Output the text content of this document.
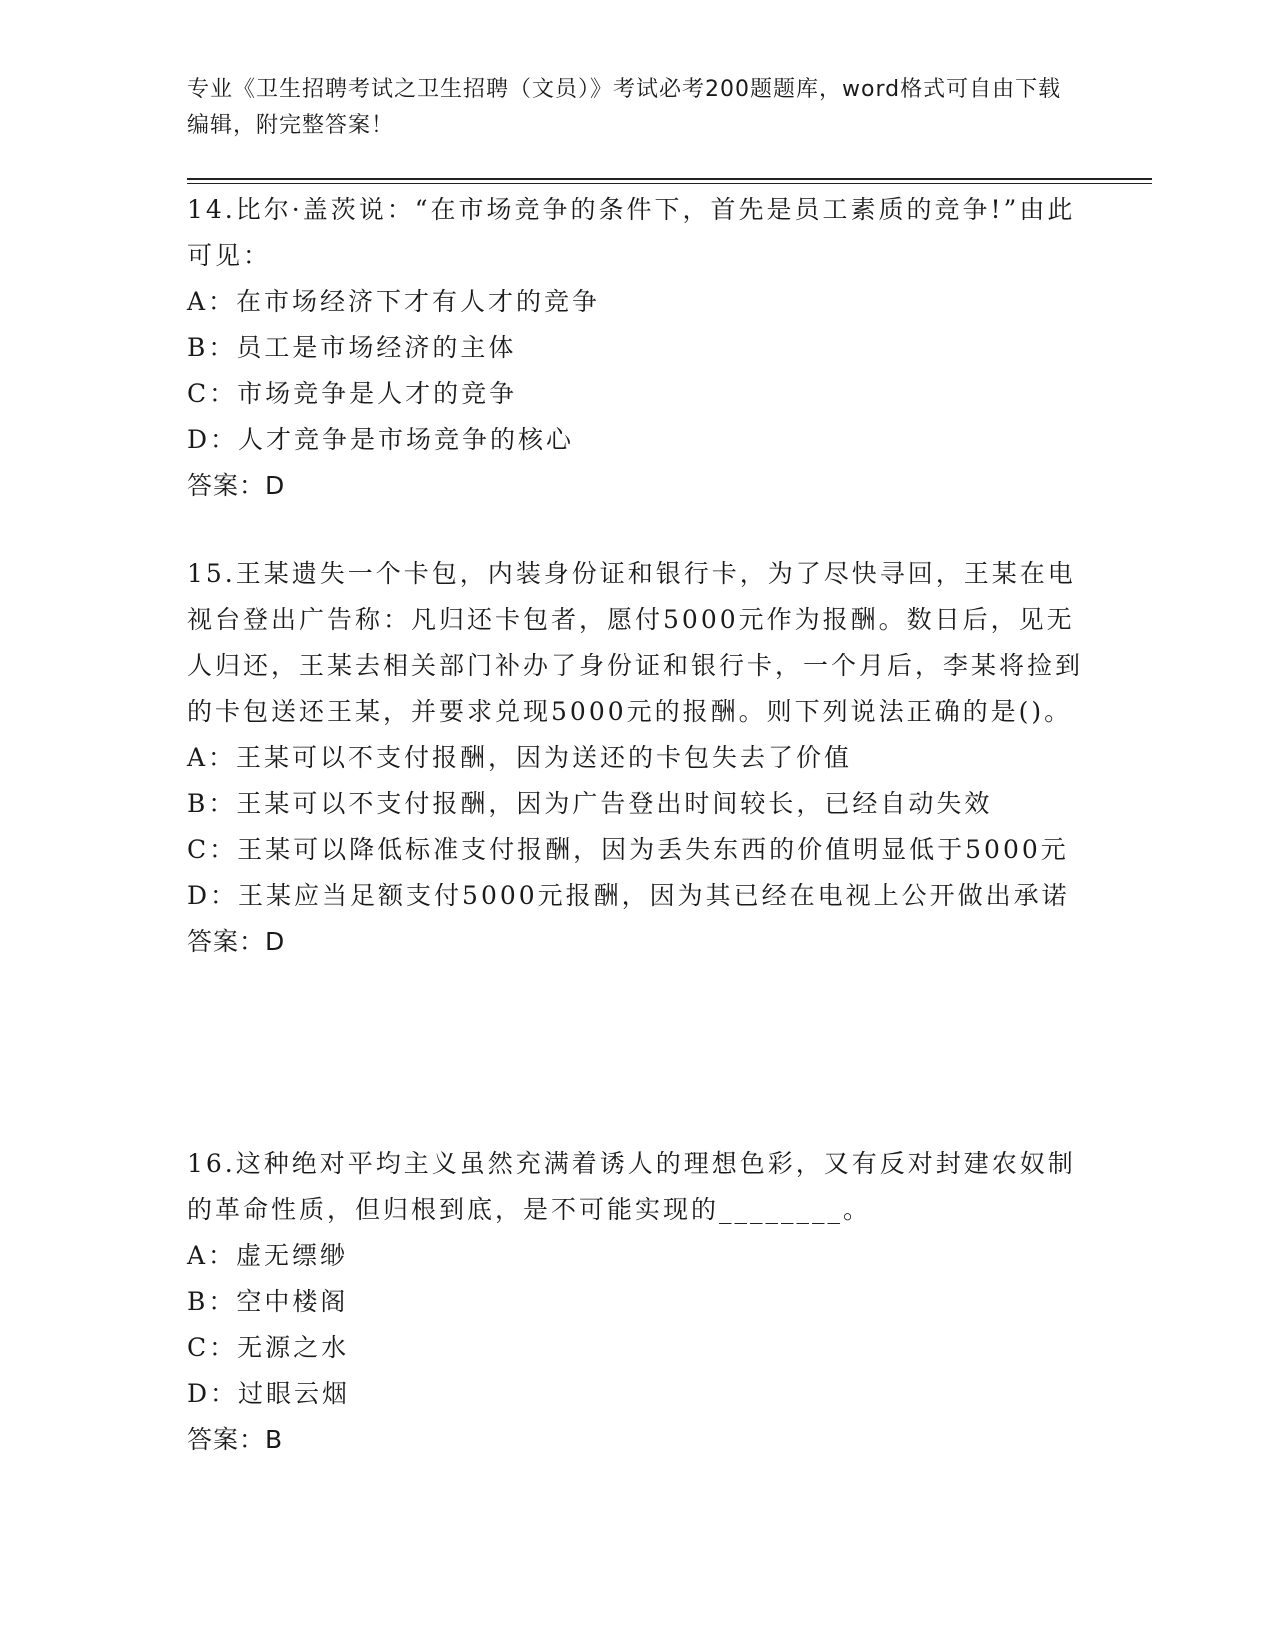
专业《卫生招聘考试之卫生招聘（文员）》考试必考200题题库，word格式可自由下载编辑，附完整答案！

14.比尔·盖茨说：“在市场竞争的条件下，首先是员工素质的竞争!”由此可见：

A：在市场经济下才有人才的竞争

B：员工是市场经济的主体

C：市场竞争是人才的竞争

D：人才竞争是市场竞争的核心

答案：D

15.王某遗失一个卡包，内装身份证和银行卡，为了尽快寻回，王某在电视台登出广告称：凡归还卡包者，愿付5000元作为报酬。数日后，见无人归还，王某去相关部门补办了身份证和银行卡，一个月后，李某将捡到的卡包送还王某，并要求兑现5000元的报酬。则下列说法正确的是()。

A：王某可以不支付报酬，因为送还的卡包失去了价值

B：王某可以不支付报酬，因为广告登出时间较长，已经自动失效

C：王某可以降低标准支付报酬，因为丢失东西的价值明显低于5000元

D：王某应当足额支付5000元报酬，因为其已经在电视上公开做出承诺

答案：D

16.这种绝对平均主义虽然充满着诱人的理想色彩，又有反对封建农奴制的革命性质，但归根到底，是不可能实现的________。

A：虚无缥缈

B：空中楼阁

C：无源之水

D：过眼云烟

答案：B
